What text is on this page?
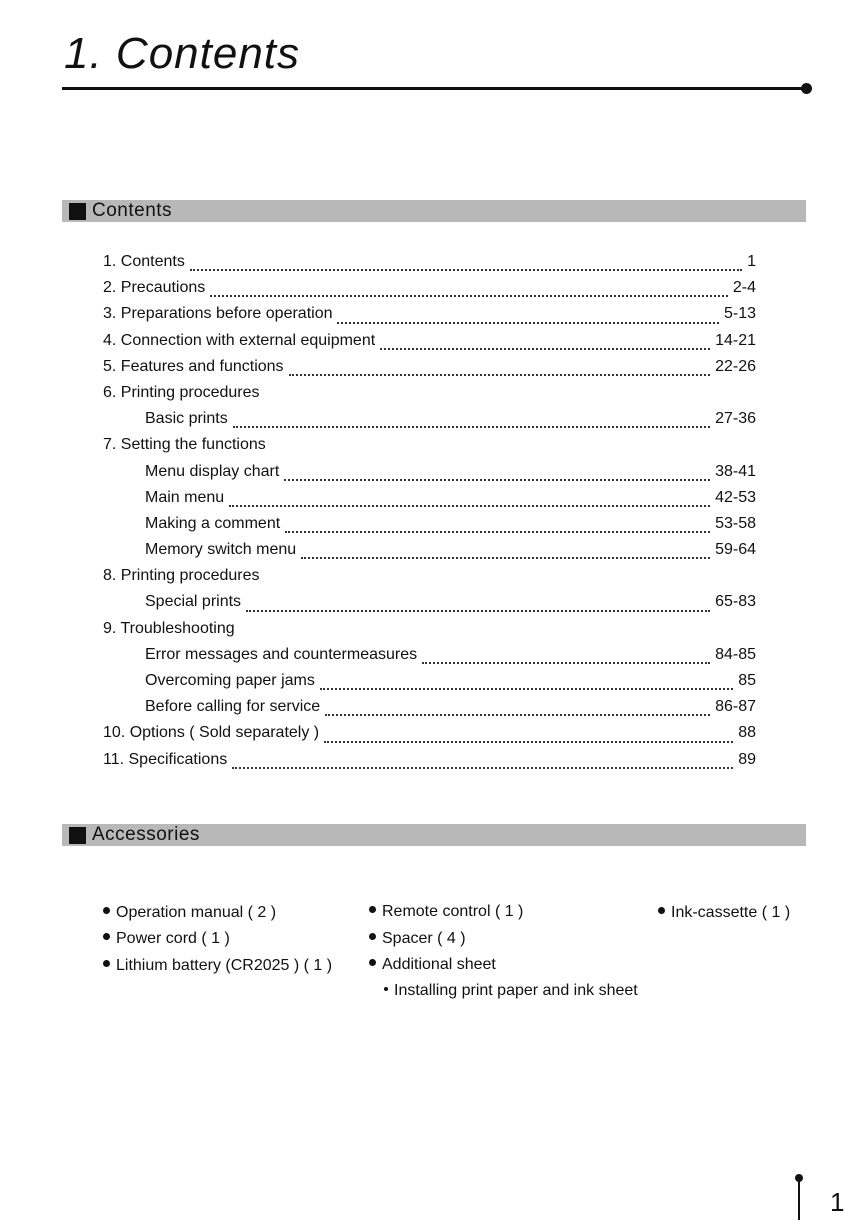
1. Contents
Contents
1. Contents	1
2. Precautions	2-4
3. Preparations before operation	5-13
4. Connection with external equipment	14-21
5. Features and functions	22-26
6. Printing procedures
Basic prints	27-36
7. Setting the functions
Menu display chart	38-41
Main menu	42-53
Making a comment	53-58
Memory switch menu	59-64
8. Printing procedures
Special prints	65-83
9. Troubleshooting
Error messages and countermeasures	84-85
Overcoming paper jams	85
Before calling for service	86-87
10. Options ( Sold separately )	88
11. Specifications	89
Accessories
Operation manual ( 2 )
Power cord ( 1 )
Lithium battery (CR2025 ) ( 1 )
Remote control ( 1 )
Spacer ( 4 )
Additional sheet
Installing print paper and ink sheet
Ink-cassette ( 1 )
1
